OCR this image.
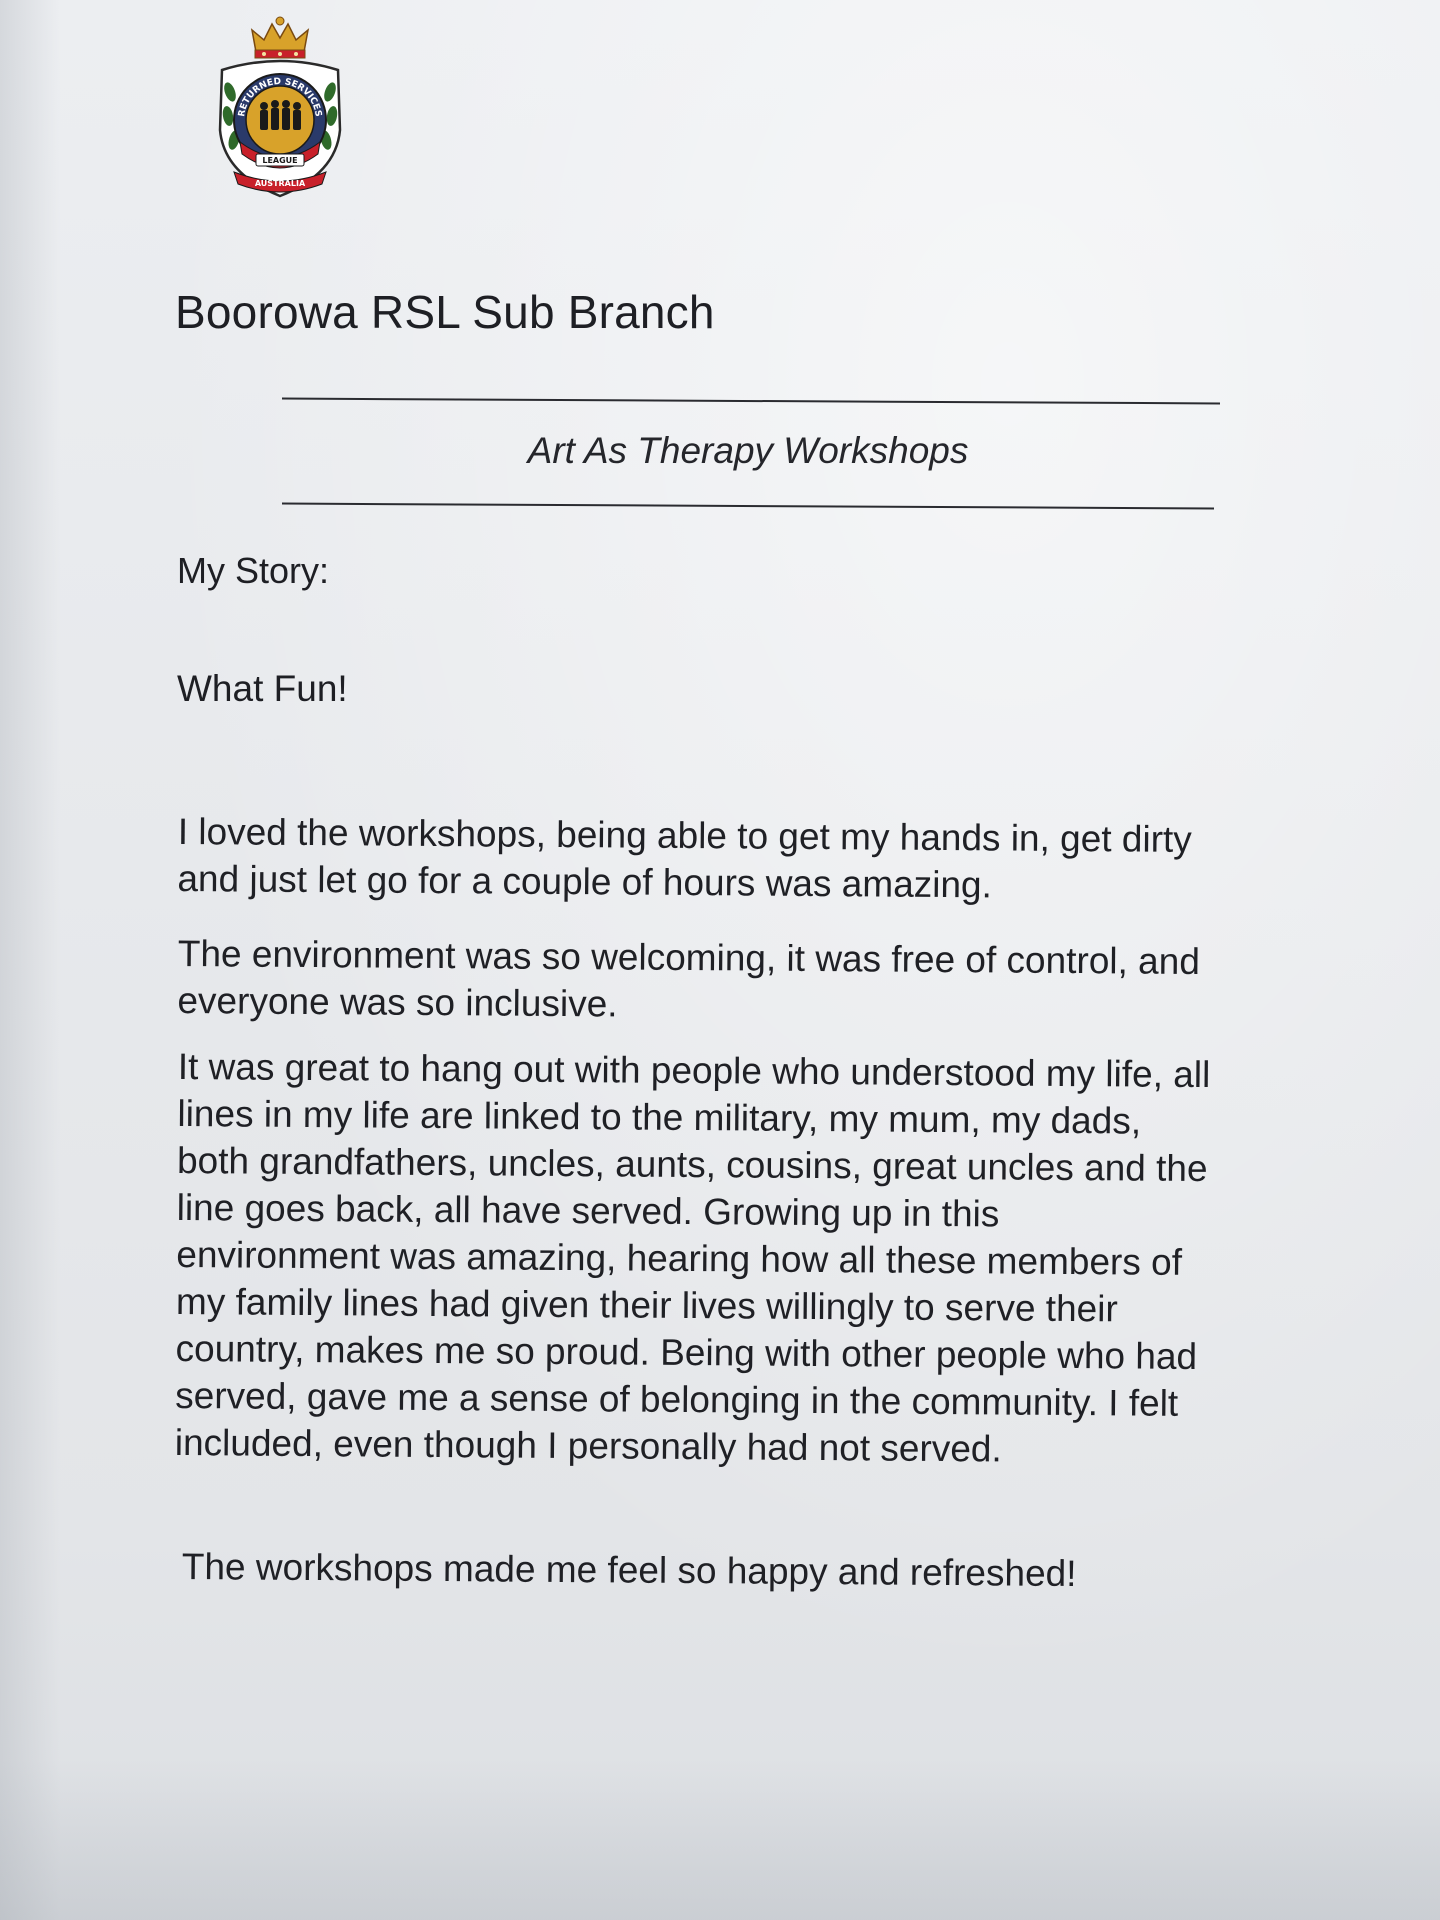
RETURNED SERVICES
LEAGUE
AUSTRALIA
Boorowa RSL Sub Branch
Art As Therapy Workshops
My Story:
What Fun!
I loved the workshops, being able to get my hands in, get dirty
and just let go for a couple of hours was amazing.
The environment was so welcoming, it was free of control, and
everyone was so inclusive.
It was great to hang out with people who understood my life, all
lines in my life are linked to the military, my mum, my dads,
both grandfathers, uncles, aunts, cousins, great uncles and the
line goes back, all have served. Growing up in this
environment was amazing, hearing how all these members of
my family lines had given their lives willingly to serve their
country, makes me so proud. Being with other people who had
served, gave me a sense of belonging in the community. I felt
included, even though I personally had not served.
The workshops made me feel so happy and refreshed!
